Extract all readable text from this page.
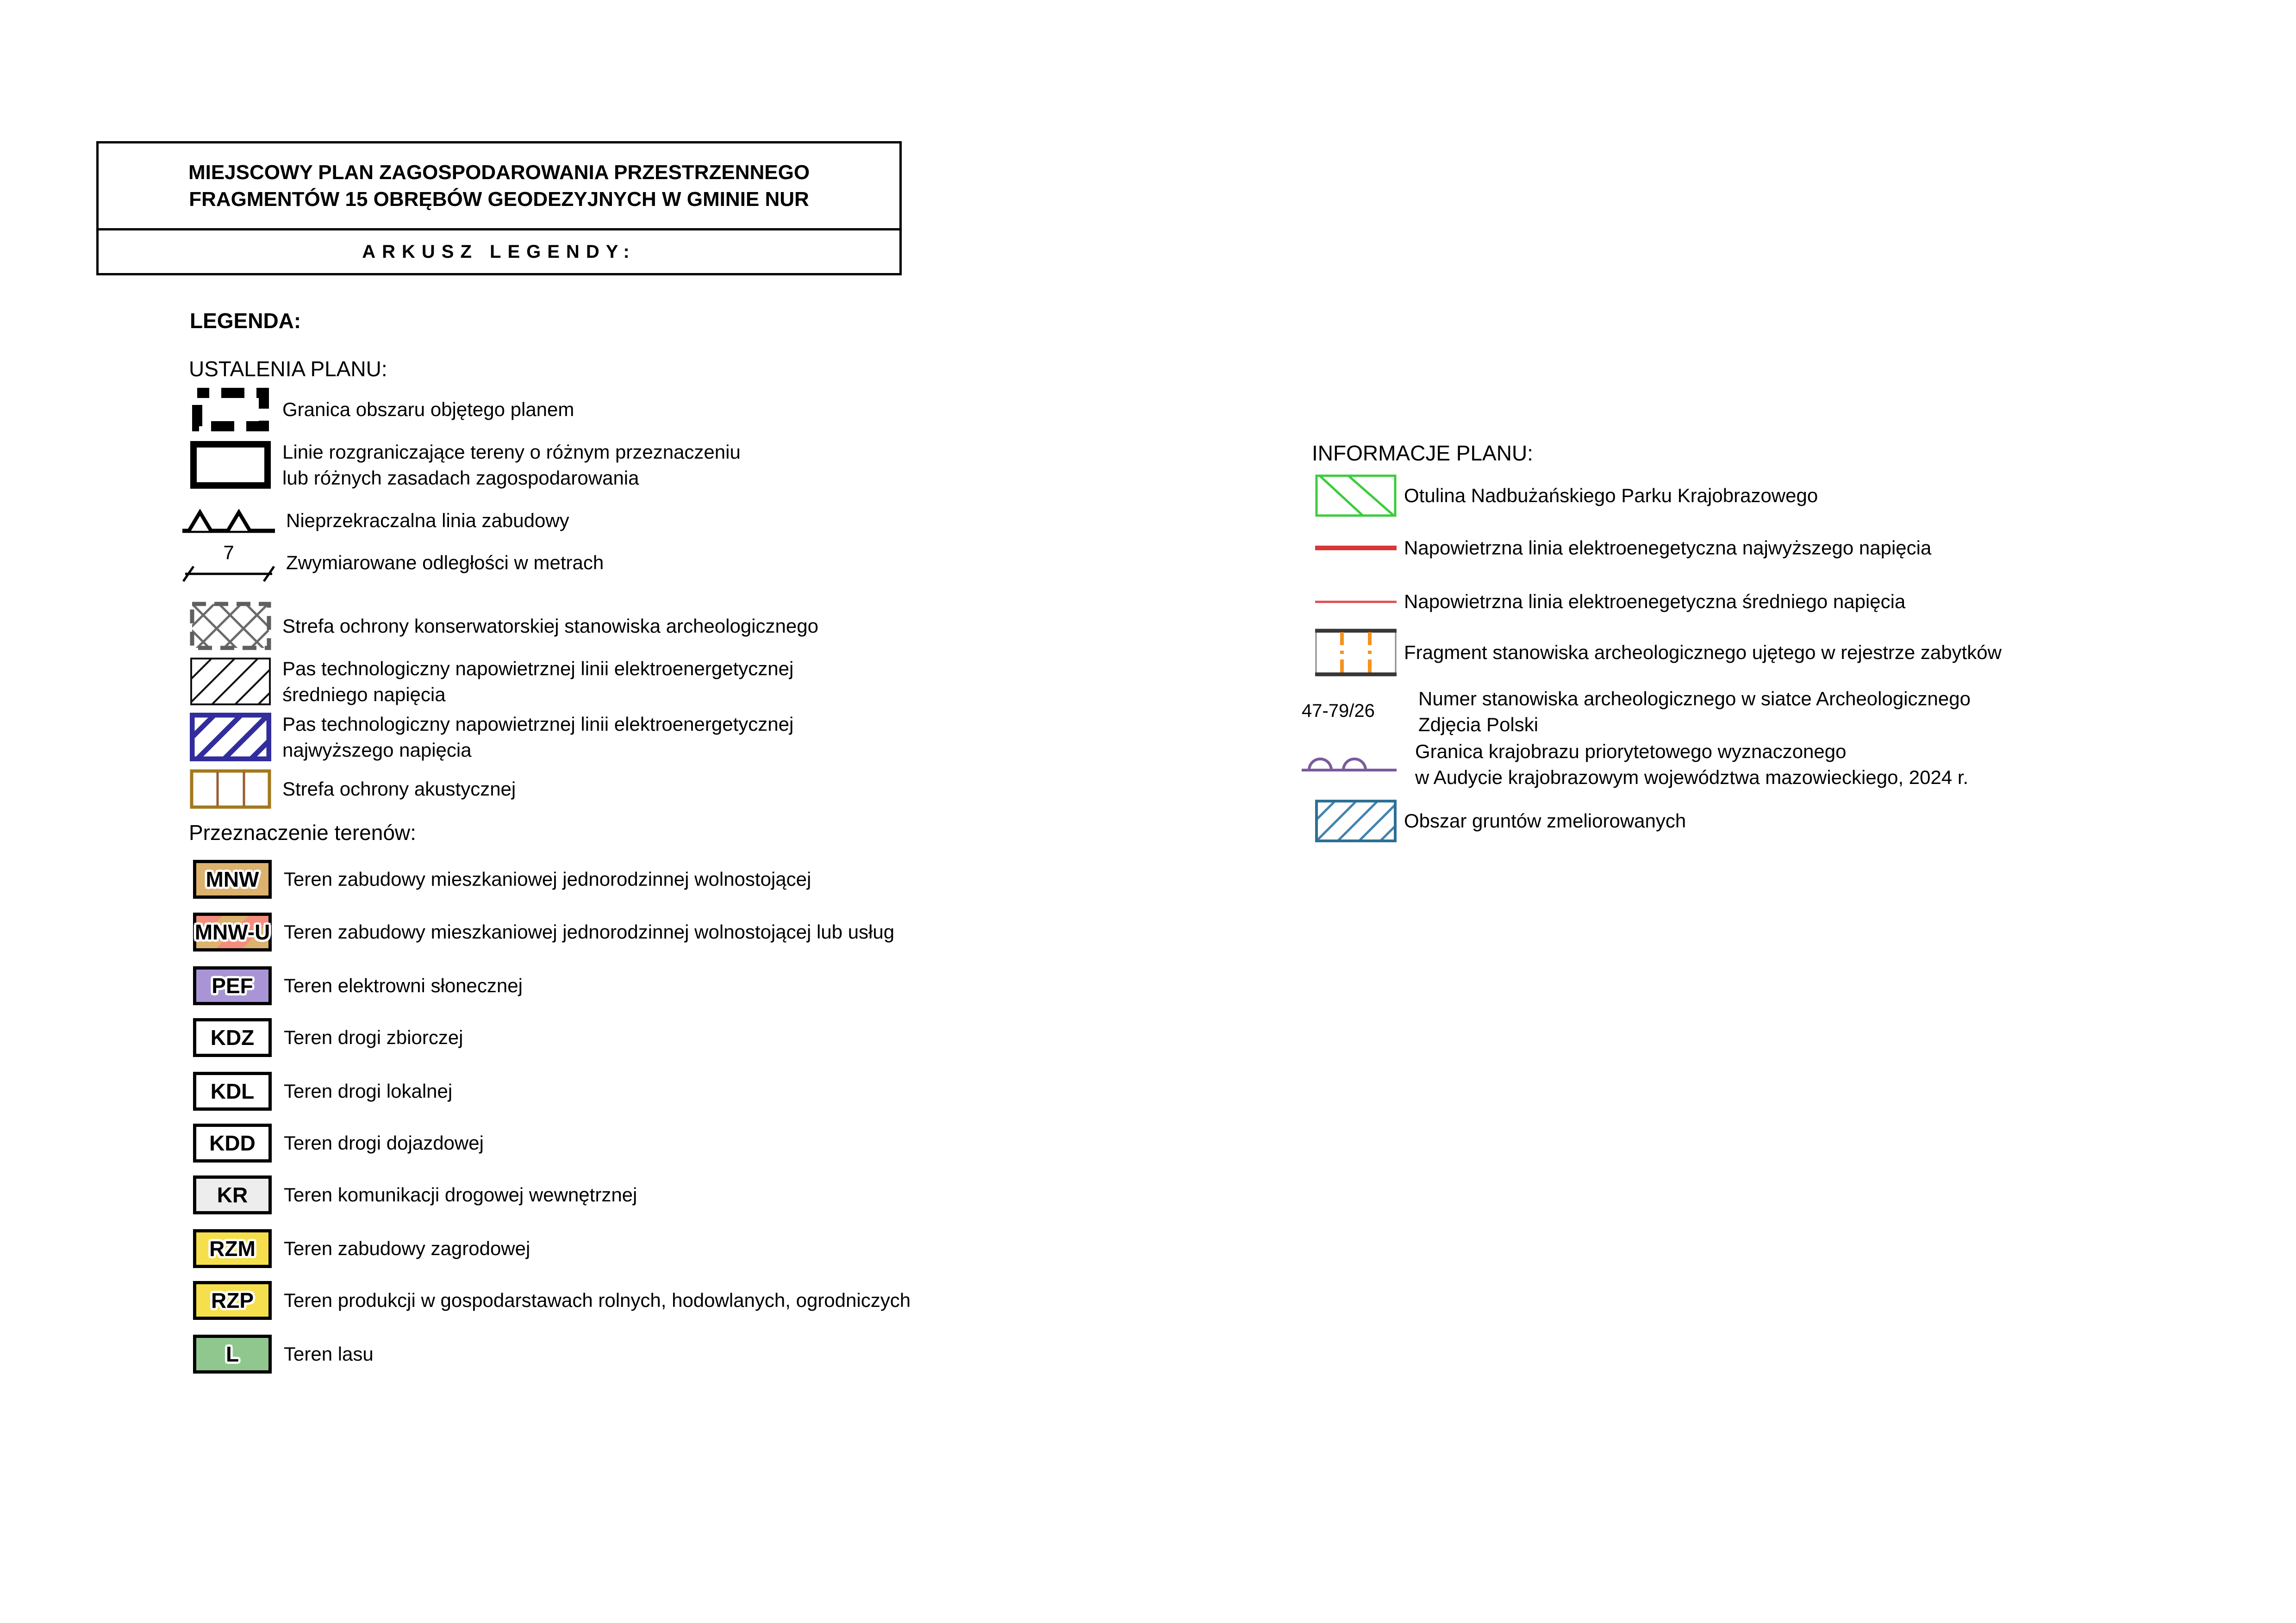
MIEJSCOWY PLAN ZAGOSPODAROWANIA PRZESTRZENNEGO
FRAGMENTÓW 15 OBRĘBÓW GEODEZYJNYCH W GMINIE NUR
ARKUSZ LEGENDY:
LEGENDA:
USTALENIA PLANU:
Granica obszaru objętego planem
Linie rozgraniczające tereny o różnym przeznaczeniu
lub różnych zasadach zagospodarowania
Nieprzekraczalna linia zabudowy
7	Zwymiarowane odległości w metrach
Strefa ochrony konserwatorskiej stanowiska archeologicznego
Pas technologiczny napowietrznej linii elektroenergetycznej
średniego napięcia
Pas technologiczny napowietrznej linii elektroenergetycznej
najwyższego napięcia
Strefa ochrony akustycznej
Przeznaczenie terenów:
MNW	Teren zabudowy mieszkaniowej jednorodzinnej wolnostojącej
MNW-U Teren zabudowy mieszkaniowej jednorodzinnej wolnostojącej lub usług
PEF	Teren elektrowni słonecznej
KDZ	Teren drogi zbiorczej
KDL	Teren drogi lokalnej
KDD	Teren drogi dojazdowej
KR	Teren komunikacji drogowej wewnętrznej
RZM	Teren zabudowy zagrodowej
RZP	Teren produkcji w gospodarstawach rolnych, hodowlanych, ogrodniczych
L	Teren lasu
INFORMACJE PLANU:
Otulina Nadbużańskiego Parku Krajobrazowego
Napowietrzna linia elektroenegetyczna najwyższego napięcia
Napowietrzna linia elektroenegetyczna średniego napięcia
Fragment stanowiska archeologicznego ujętego w rejestrze zabytków
47-79/26
Numer stanowiska archeologicznego w siatce Archeologicznego
Zdjęcia Polski
Granica krajobrazu priorytetowego wyznaczonego
w Audycie krajobrazowym województwa mazowieckiego, 2024 r.
Obszar gruntów zmeliorowanych
